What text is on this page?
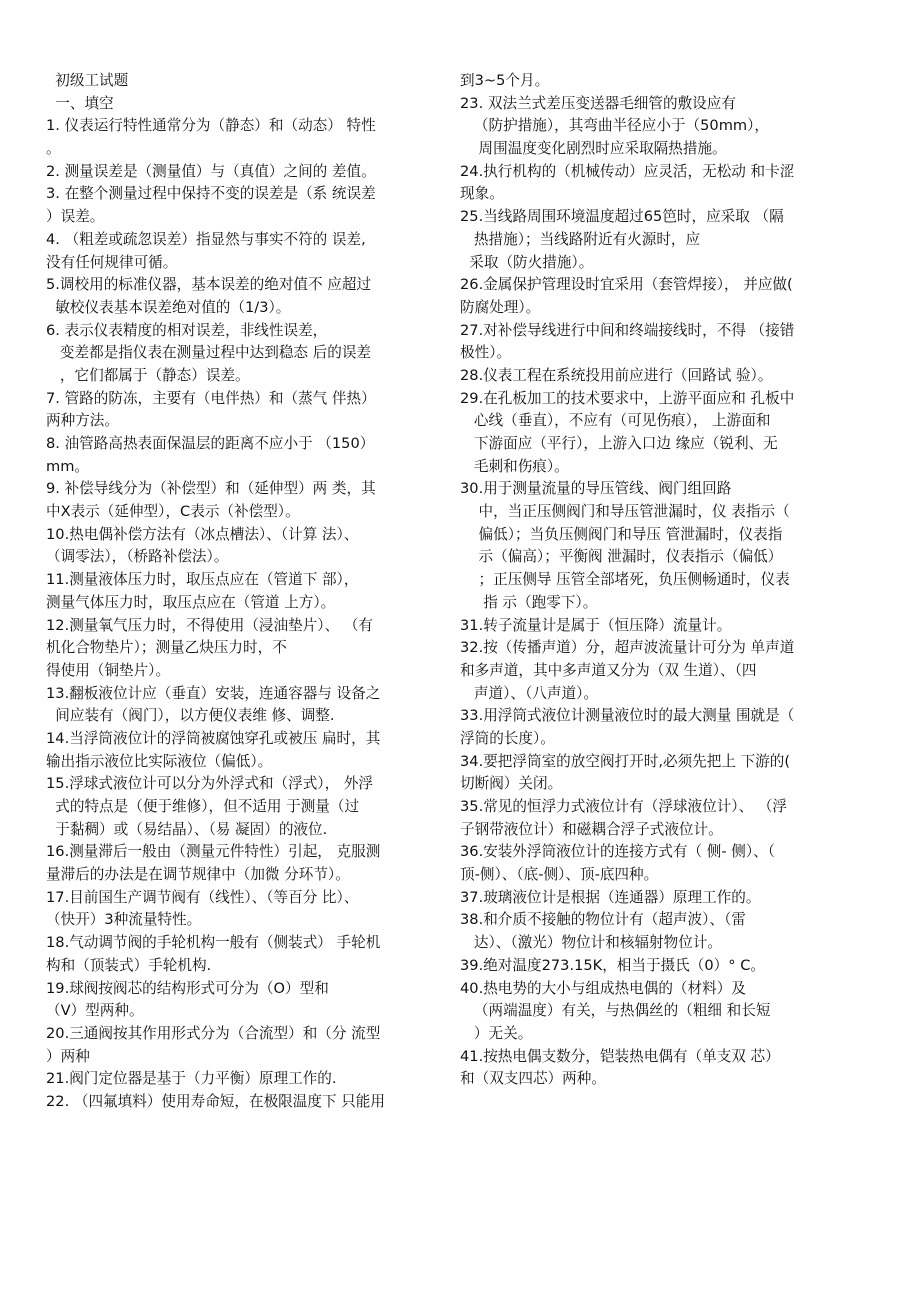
初级工试题
一、填空
1. 仪表运行特性通常分为（静态）和（动态） 特性
。
2. 测量误差是（测量值）与（真值）之间的 差值。
3. 在整个测量过程中保持不变的误差是（系 统误差
）误差。
4. （粗差或疏忽误差）指显然与事实不符的 误差,
没有任何规律可循。
5.调校用的标准仪器，基本误差的绝对值不 应超过
敏校仪表基本误差绝对值的（1/3）。
6. 表示仪表精度的相对误差，非线性误差，
变差都是指仪表在测量过程中达到稳态 后的误差
，它们都属于（静态）误差。
7. 管路的防冻，主要有（电伴热）和（蒸气 伴热）
两种方法。
8. 油管路高热表面保温层的距离不应小于 （150）
mm。
9. 补偿导线分为（补偿型）和（延伸型）两 类，其
中X表示（延伸型），C表示（补偿型）。
10.热电偶补偿方法有（冰点槽法）、（计算 法）、
（调零法），（桥路补偿法）。
11.测量液体压力时，取压点应在（管道下 部），
测量气体压力时，取压点应在（管道 上方）。
12.测量氧气压力时，不得使用（浸油垫片）、 （有
机化合物垫片）；测量乙炔压力时，不
得使用（铜垫片）。
13.翻板液位计应（垂直）安装，连通容器与 设备之
间应装有（阀门），以方便仪表维 修、调整.
14.当浮筒液位计的浮筒被腐蚀穿孔或被压 扁时，其
输出指示液位比实际液位（偏低）。
15.浮球式液位计可以分为外浮式和（浮式）， 外浮
式的特点是（便于维修），但不适用 于测量（过
于黏稠）或（易结晶）、（易 凝固）的液位.
16.测量滞后一般由（测量元件特性）引起， 克服测
量滞后的办法是在调节规律中（加微 分环节）。
17.目前国生产调节阀有（线性）、（等百分 比）、
（快开）3种流量特性。
18.气动调节阀的手轮机构一般有（侧装式） 手轮机
构和（顶装式）手轮机构.
19.球阀按阀芯的结构形式可分为（O）型和
（V）型两种。
20.三通阀按其作用形式分为（合流型）和（分 流型
）两种
21.阀门定位器是基于（力平衡）原理工作的.
22. （四氟填料）使用寿命短，在极限温度下 只能用
到3~5个月。
23. 双法兰式差压变送器毛细管的敷设应有
（防护措施），其弯曲半径应小于（50mm），
周围温度变化剧烈时应采取隔热措施。
24.执行机构的（机械传动）应灵活，无松动 和卡涩
现象。
25.当线路周围环境温度超过65笆时，应采取 （隔
热措施）；当线路附近有火源时，应
采取（防火措施）。
26.金属保护管理设时宜采用（套管焊接）， 并应做(
防腐处理）。
27.对补偿导线进行中间和终端接线时，不得 （接错
极性）。
28.仪表工程在系统投用前应进行（回路试 验）。
29.在孔板加工的技术要求中，上游平面应和 孔板中
心线（垂直），不应有（可见伤痕）， 上游面和
下游面应（平行），上游入口边 缘应（锐利、无
毛刺和伤痕）。
30.用于测量流量的导压管线、阀门组回路
中，当正压侧阀门和导压管泄漏时，仪 表指示（
偏低）；当负压侧阀门和导压 管泄漏时，仪表指
示（偏高）；平衡阀 泄漏时，仪表指示（偏低）
；正压侧导 压管全部堵死，负压侧畅通时，仪表
指 示（跑零下）。
31.转子流量计是属于（恒压降）流量计。
32.按（传播声道）分，超声波流量计可分为 单声道
和多声道，其中多声道又分为（双 生道）、（四
声道）、（八声道）。
33.用浮筒式液位计测量液位时的最大测量 围就是（
浮筒的长度）。
34.要把浮筒室的放空阀打开时,必须先把上 下游的(
切断阀）关闭。
35.常见的恒浮力式液位计有（浮球液位计）、 （浮
子钢带液位计）和磁耦合浮子式液位计。
36.安装外浮筒液位计的连接方式有（ 侧- 侧）、（
顶-侧）、（底-侧）、顶-底四种。
37.玻璃液位计是根据（连通器）原理工作的。
38.和介质不接触的物位计有（超声波）、（雷
达）、（激光）物位计和核辐射物位计。
39.绝对温度273.15K，相当于摄氏（0）° C。
40.热电势的大小与组成热电偶的（材料）及
（两端温度）有关，与热偶丝的（粗细 和长短
）无关。
41.按热电偶支数分，铠装热电偶有（单支双 芯）
和（双支四芯）两种。
